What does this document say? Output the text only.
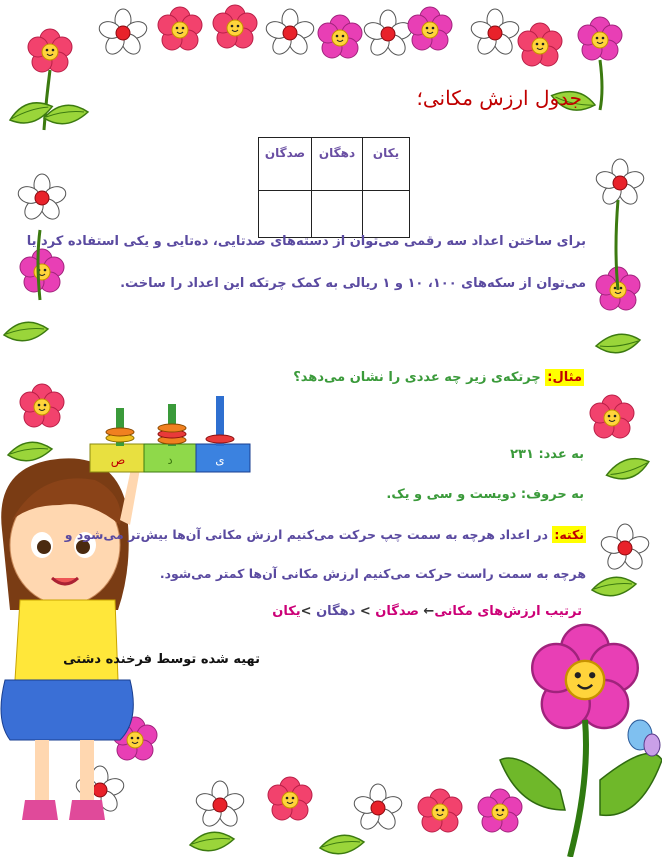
جدول ارزش مکانی؛
یکان	دهگان	صدگان

برای ساختن اعداد سه رقمی می‌توان از دسته‌های صدتایی، ده‌تایی و یکی استفاده کرد یا
می‌توان از سکه‌های ۱۰۰، ۱۰ و ۱ ریالی به کمک چرتکه این اعداد را ساخت.
مثال: چرتکه‌ی زیر چه عددی را نشان می‌دهد؟
ی
د
ص	به عدد: ۲۳۱
به حروف: دویست و سی و یک.
نکته: در اعداد هرچه به سمت چپ حرکت می‌کنیم ارزش مکانی آن‌ها بیش‌تر می‌شود و
هرچه به سمت راست حرکت می‌کنیم ارزش مکانی آن‌ها کمتر می‌شود.
ترتیب ارزش‌های مکانی← صدگان > دهگان >یکان
تهیه شده توسط فرخنده دشتی
